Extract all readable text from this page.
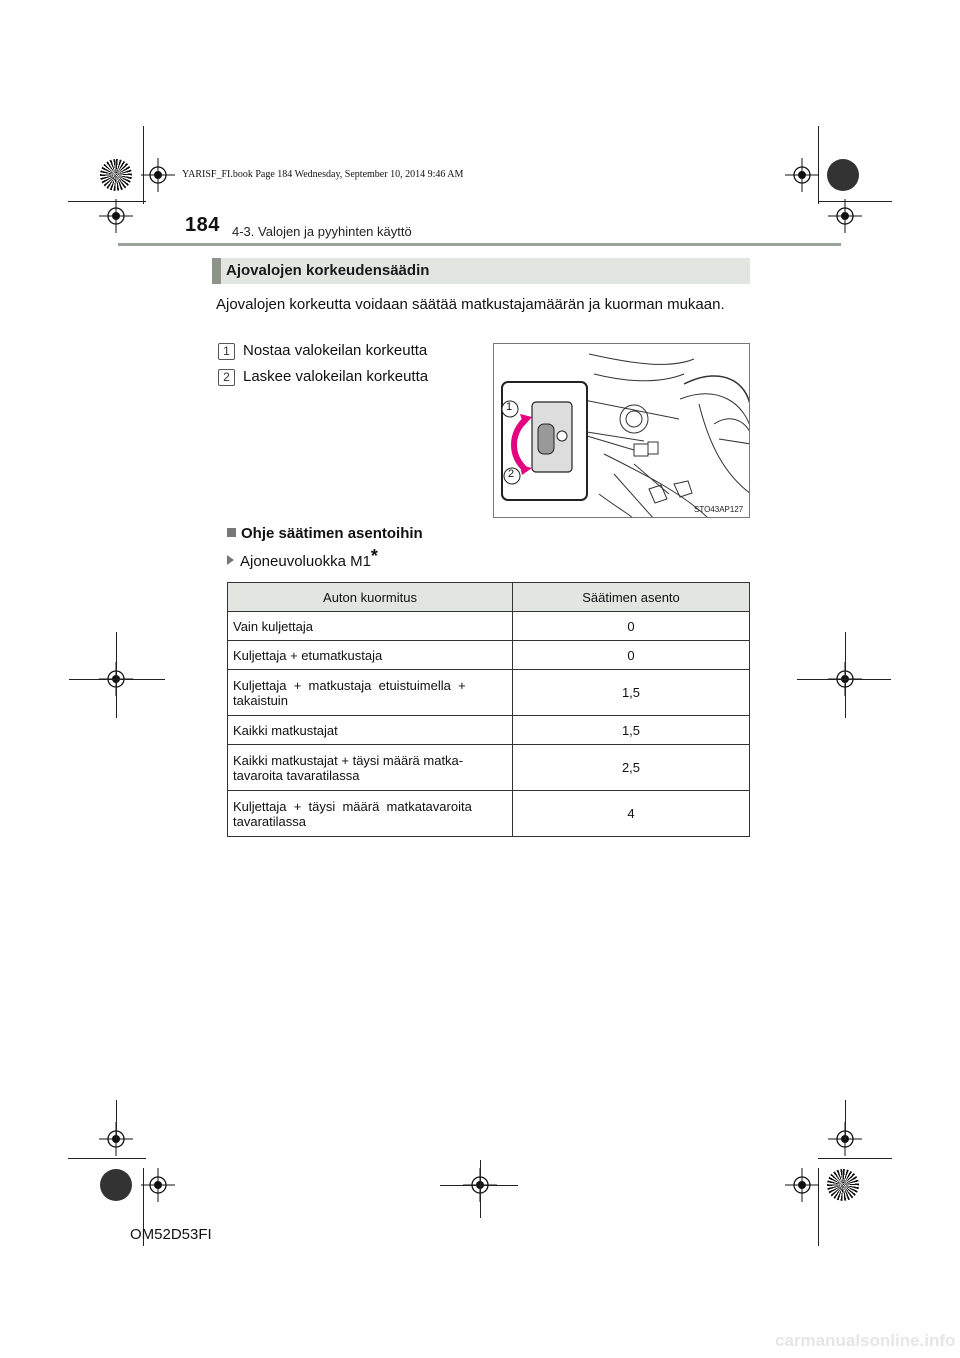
YARISF_FI.book Page 184 Wednesday, September 10, 2014 9:46 AM
184 4-3. Valojen ja pyyhinten käyttö
Ajovalojen korkeudensäädin
Ajovalojen korkeutta voidaan säätää matkustajamäärän ja kuorman mukaan.
1 Nostaa valokeilan korkeutta
2 Laskee valokeilan korkeutta
1
2
STO43AP127
Ohje säätimen asentoihin
Ajoneuvoluokka M1*
Auton kuormitus	Säätimen asento
Vain kuljettaja	0
Kuljettaja + etumatkustaja	0
Kuljettaja  +  matkustaja  etuistuimella  +
takaistuin	1,5
Kaikki matkustajat	1,5
Kaikki matkustajat + täysi määrä matka-
tavaroita tavaratilassa	2,5
Kuljettaja  +  täysi  määrä  matkatavaroita
tavaratilassa	4
OM52D53FI
carmanualsonline.info
